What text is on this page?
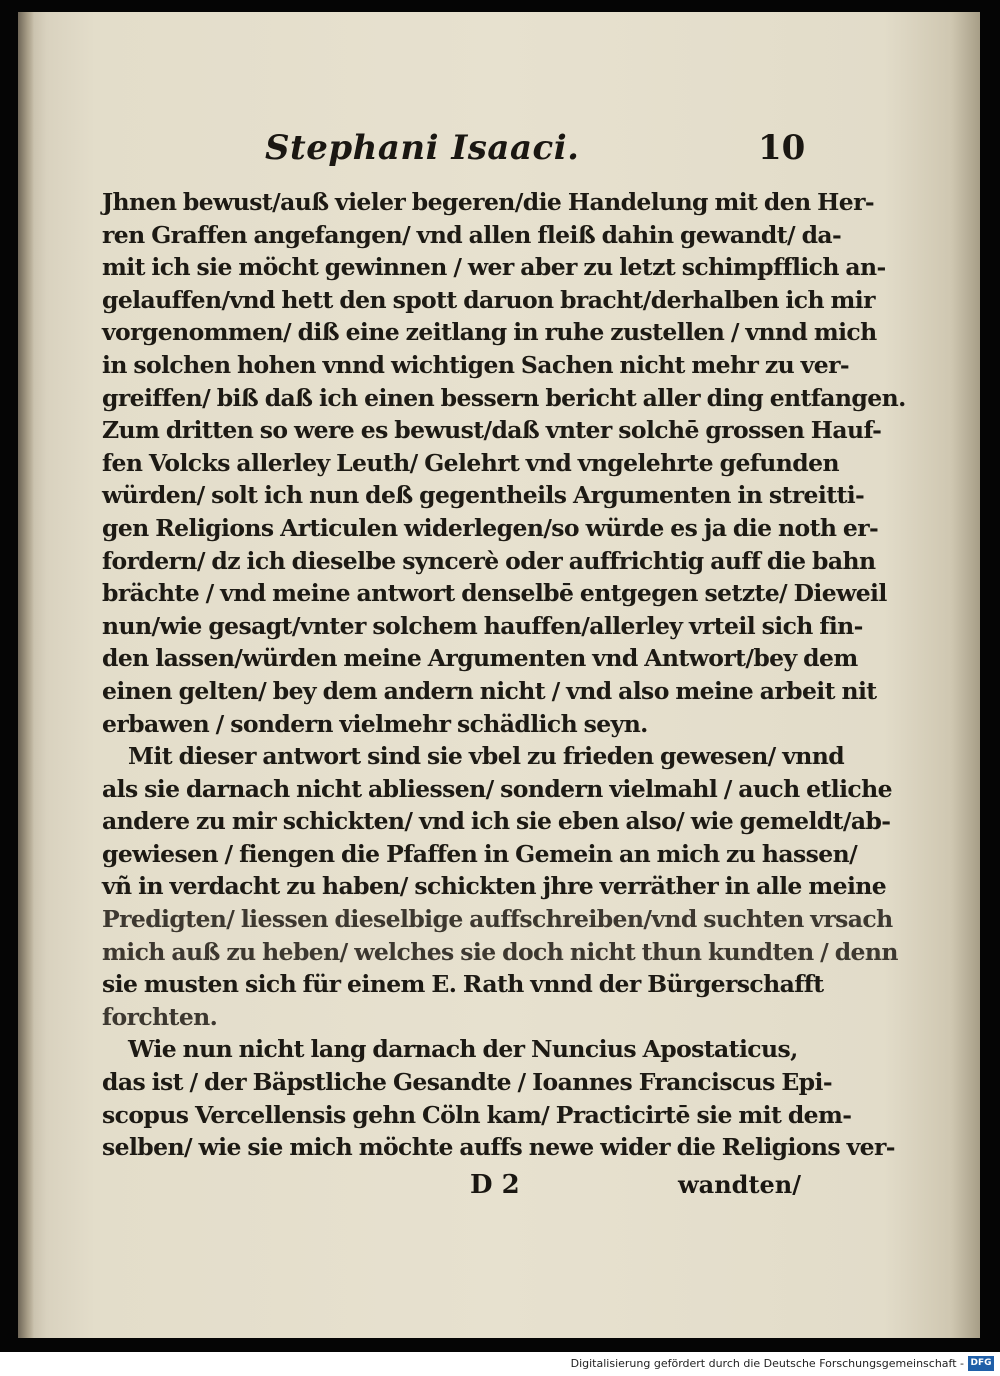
Stephani Isaaci.	10
Jhnen bewust/auß vieler begeren/die Handelung mit den Her-
ren Graffen angefangen/ vnd allen fleiß dahin gewandt/ da-
mit ich sie möcht gewinnen / wer aber zu letzt schimpfflich an-
gelauffen/vnd hett den spott daruon bracht/derhalben ich mir
vorgenommen/ diß eine zeitlang in ruhe zustellen / vnnd mich
in solchen hohen vnnd wichtigen Sachen nicht mehr zu ver-
greiffen/ biß daß ich einen bessern bericht aller ding entfangen.
Zum dritten so were es bewust/daß vnter solchē grossen Hauf-
fen Volcks allerley Leuth/ Gelehrt vnd vngelehrte gefunden
würden/ solt ich nun deß gegentheils Argumenten in streitti-
gen Religions Articulen widerlegen/so würde es ja die noth er-
fordern/ dz ich dieselbe syncerè oder auffrichtig auff die bahn
brächte / vnd meine antwort denselbē entgegen setzte/ Dieweil
nun/wie gesagt/vnter solchem hauffen/allerley vrteil sich fin-
den lassen/würden meine Argumenten vnd Antwort/bey dem
einen gelten/ bey dem andern nicht / vnd also meine arbeit nit
erbawen / sondern vielmehr schädlich seyn.
Mit dieser antwort sind sie vbel zu frieden gewesen/ vnnd
als sie darnach nicht abliessen/ sondern vielmahl / auch etliche
andere zu mir schickten/ vnd ich sie eben also/ wie gemeldt/ab-
gewiesen / fiengen die Pfaffen in Gemein an mich zu hassen/
vñ in verdacht zu haben/ schickten jhre verräther in alle meine
Predigten/ liessen dieselbige auffschreiben/vnd suchten vrsach
mich auß zu heben/ welches sie doch nicht thun kundten / denn
sie musten sich für einem E. Rath vnnd der Bürgerschafft
forchten.
Wie nun nicht lang darnach der Nuncius Apostaticus,
das ist / der Bäpstliche Gesandte / Ioannes Franciscus Epi-
scopus Vercellensis gehn Cöln kam/ Practicirtē sie mit dem-
selben/ wie sie mich möchte auffs newe wider die Religions ver-
D 2	wandten/
Digitalisierung gefördert durch die Deutsche Forschungsgemeinschaft - DFG
